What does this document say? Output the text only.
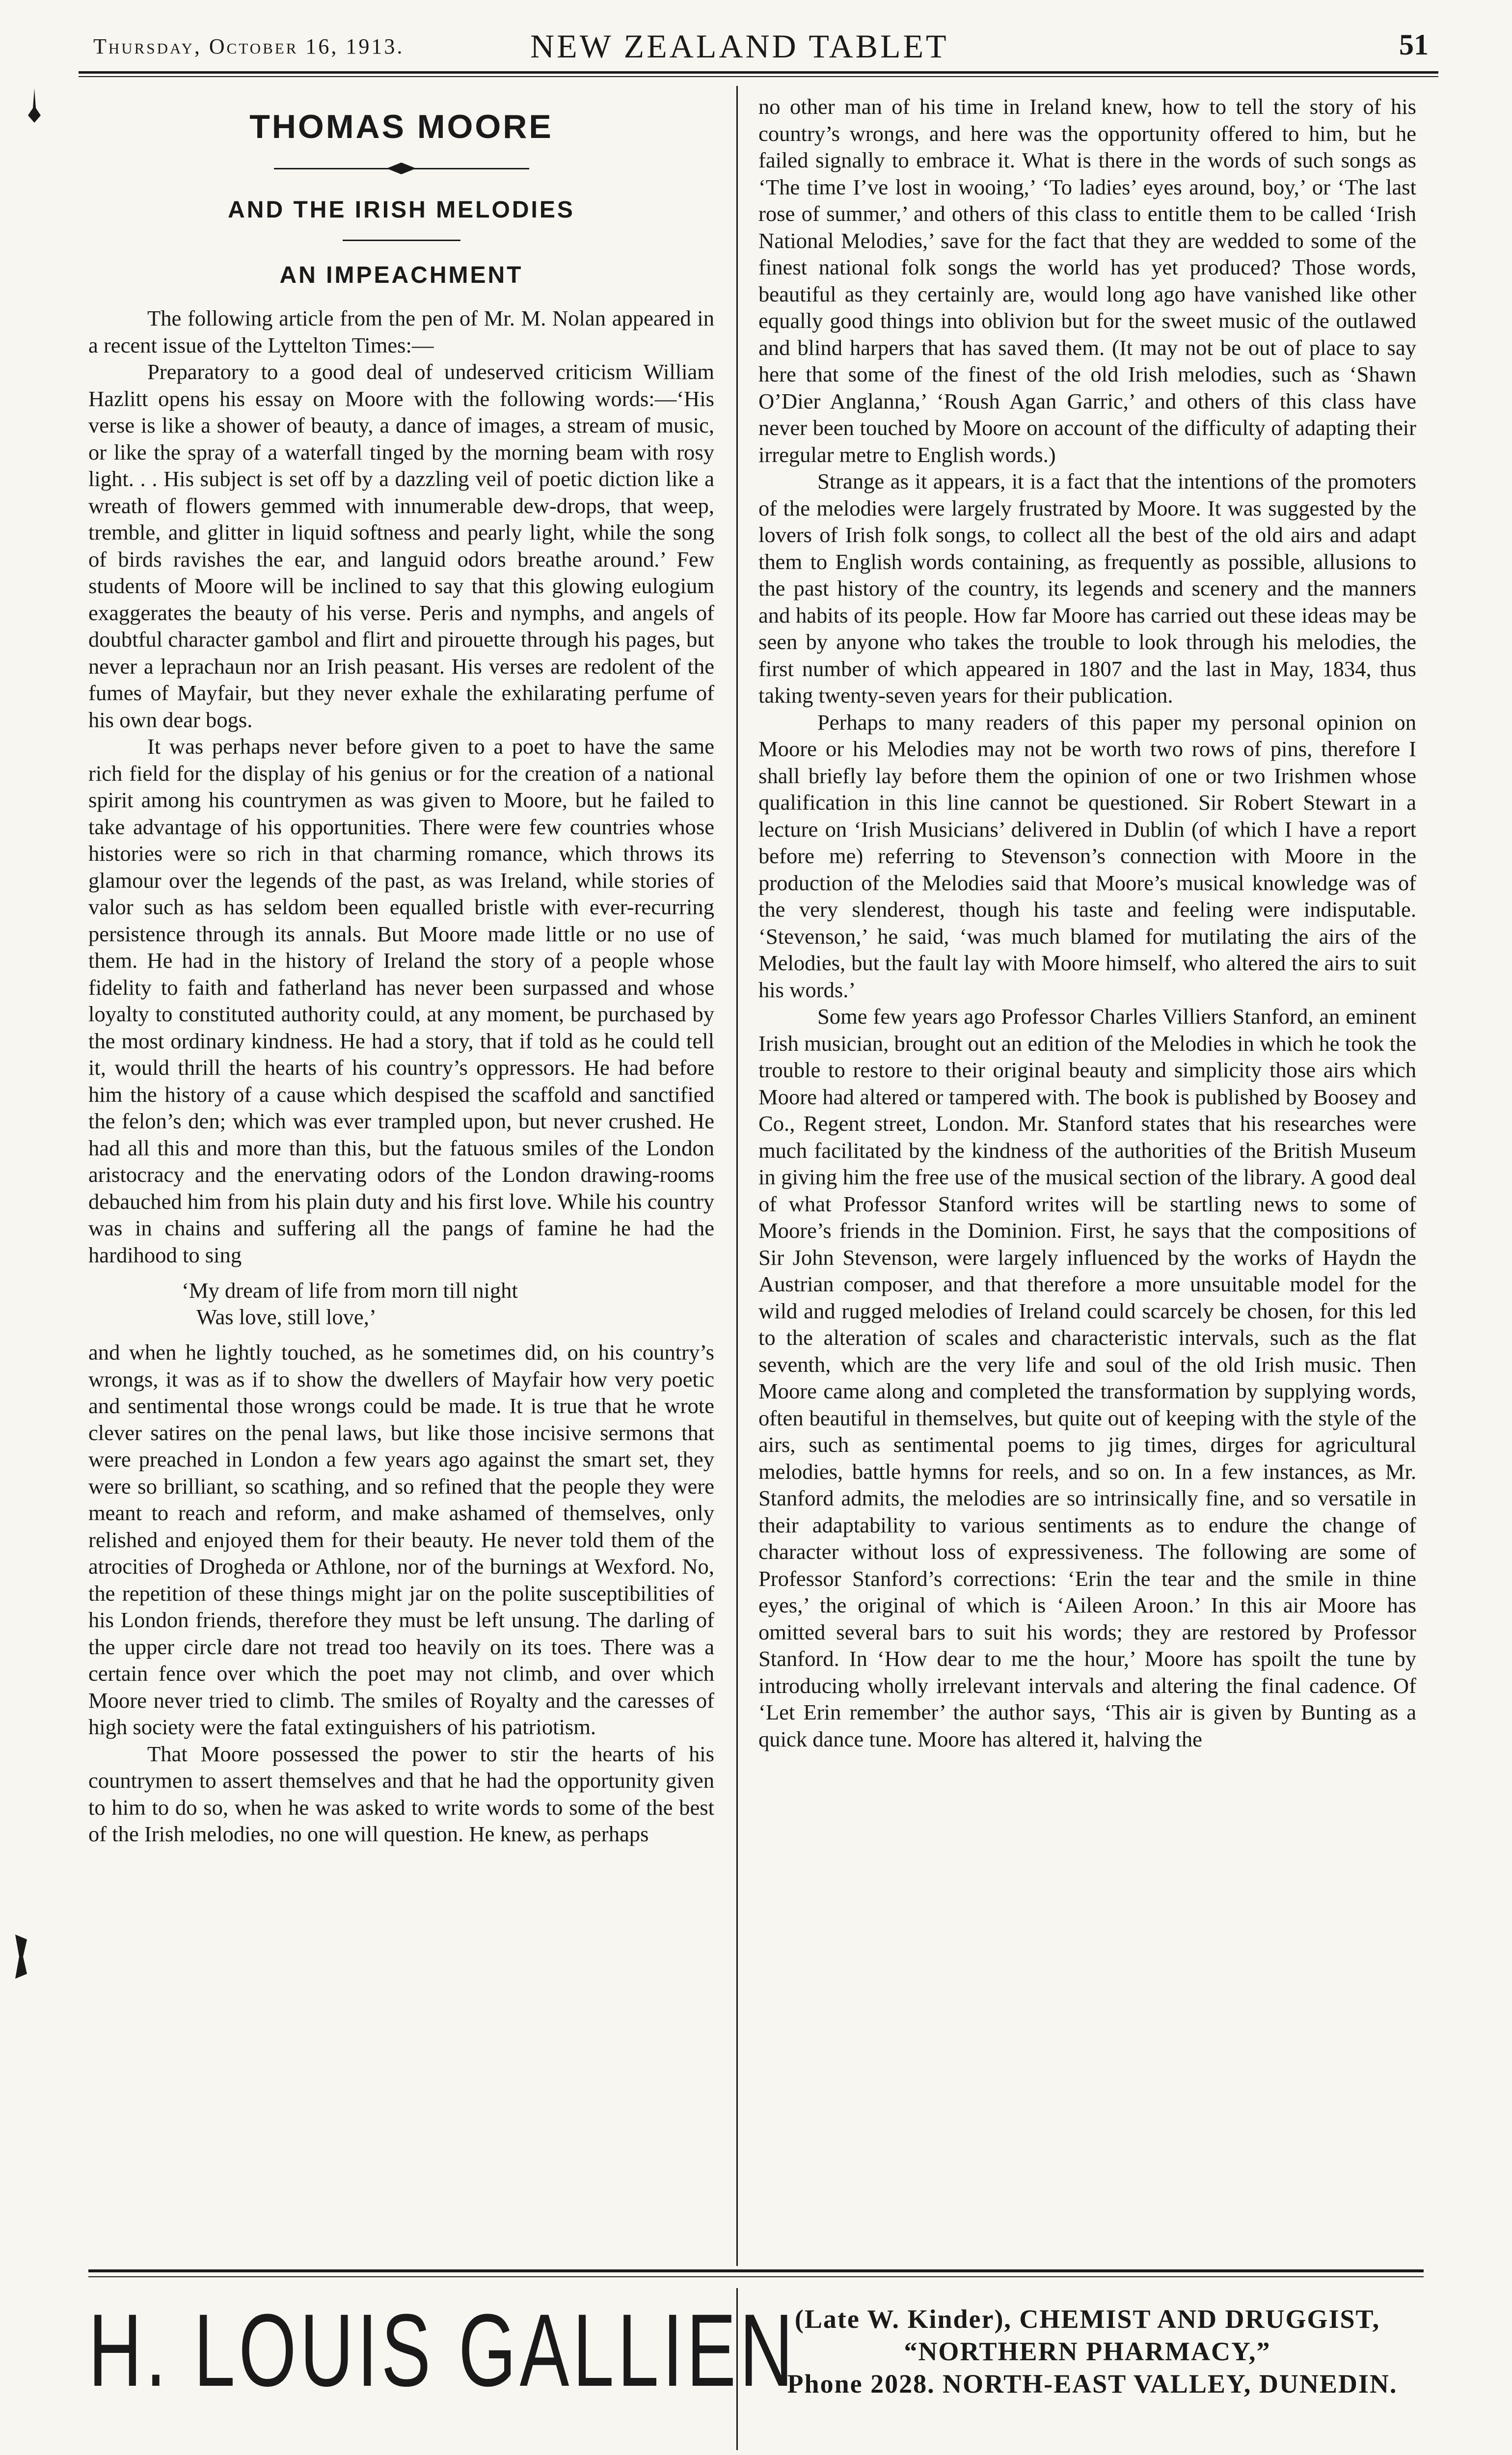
Thursday, October 16, 1913.	NEW ZEALAND TABLET	51
THOMAS MOORE
AND THE IRISH MELODIES
AN IMPEACHMENT

The following article from the pen of Mr. M. Nolan appeared in a recent issue of the Lyttelton Times:—

Preparatory to a good deal of undeserved criticism William Hazlitt opens his essay on Moore with the following words:—‘His verse is like a shower of beauty, a dance of images, a stream of music, or like the spray of a waterfall tinged by the morning beam with rosy light. . . His subject is set off by a dazzling veil of poetic diction like a wreath of flowers gemmed with innumerable dew-drops, that weep, tremble, and glitter in liquid softness and pearly light, while the song of birds ravishes the ear, and languid odors breathe around.’ Few students of Moore will be inclined to say that this glowing eulogium exaggerates the beauty of his verse. Peris and nymphs, and angels of doubtful character gambol and flirt and pirouette through his pages, but never a leprachaun nor an Irish peasant. His verses are redolent of the fumes of Mayfair, but they never exhale the exhilarating perfume of his own dear bogs.

It was perhaps never before given to a poet to have the same rich field for the display of his genius or for the creation of a national spirit among his countrymen as was given to Moore, but he failed to take advantage of his opportunities. There were few countries whose histories were so rich in that charming romance, which throws its glamour over the legends of the past, as was Ireland, while stories of valor such as has seldom been equalled bristle with ever-recurring persistence through its annals. But Moore made little or no use of them. He had in the history of Ireland the story of a people whose fidelity to faith and fatherland has never been surpassed and whose loyalty to constituted authority could, at any moment, be purchased by the most ordinary kindness. He had a story, that if told as he could tell it, would thrill the hearts of his country’s oppressors. He had before him the history of a cause which despised the scaffold and sanctified the felon’s den; which was ever trampled upon, but never crushed. He had all this and more than this, but the fatuous smiles of the London aristocracy and the enervating odors of the London drawing-rooms debauched him from his plain duty and his first love. While his country was in chains and suffering all the pangs of famine he had the hardihood to sing

‘My dream of life from morn till night
Was love, still love,’

and when he lightly touched, as he sometimes did, on his country’s wrongs, it was as if to show the dwellers of Mayfair how very poetic and sentimental those wrongs could be made. It is true that he wrote clever satires on the penal laws, but like those incisive sermons that were preached in London a few years ago against the smart set, they were so brilliant, so scathing, and so refined that the people they were meant to reach and reform, and make ashamed of themselves, only relished and enjoyed them for their beauty. He never told them of the atrocities of Drogheda or Athlone, nor of the burnings at Wexford. No, the repetition of these things might jar on the polite susceptibilities of his London friends, therefore they must be left unsung. The darling of the upper circle dare not tread too heavily on its toes. There was a certain fence over which the poet may not climb, and over which Moore never tried to climb. The smiles of Royalty and the caresses of high society were the fatal extinguishers of his patriotism.

That Moore possessed the power to stir the hearts of his countrymen to assert themselves and that he had the opportunity given to him to do so, when he was asked to write words to some of the best of the Irish melodies, no one will question. He knew, as perhaps

no other man of his time in Ireland knew, how to tell the story of his country’s wrongs, and here was the opportunity offered to him, but he failed signally to embrace it. What is there in the words of such songs as ‘The time I’ve lost in wooing,’ ‘To ladies’ eyes around, boy,’ or ‘The last rose of summer,’ and others of this class to entitle them to be called ‘Irish National Melodies,’ save for the fact that they are wedded to some of the finest national folk songs the world has yet produced? Those words, beautiful as they certainly are, would long ago have vanished like other equally good things into oblivion but for the sweet music of the outlawed and blind harpers that has saved them. (It may not be out of place to say here that some of the finest of the old Irish melodies, such as ‘Shawn O’Dier Anglanna,’ ‘Roush Agan Garric,’ and others of this class have never been touched by Moore on account of the difficulty of adapting their irregular metre to English words.)

Strange as it appears, it is a fact that the intentions of the promoters of the melodies were largely frustrated by Moore. It was suggested by the lovers of Irish folk songs, to collect all the best of the old airs and adapt them to English words containing, as frequently as possible, allusions to the past history of the country, its legends and scenery and the manners and habits of its people. How far Moore has carried out these ideas may be seen by anyone who takes the trouble to look through his melodies, the first number of which appeared in 1807 and the last in May, 1834, thus taking twenty-seven years for their publication.

Perhaps to many readers of this paper my personal opinion on Moore or his Melodies may not be worth two rows of pins, therefore I shall briefly lay before them the opinion of one or two Irishmen whose qualification in this line cannot be questioned. Sir Robert Stewart in a lecture on ‘Irish Musicians’ delivered in Dublin (of which I have a report before me) referring to Stevenson’s connection with Moore in the production of the Melodies said that Moore’s musical knowledge was of the very slenderest, though his taste and feeling were indisputable. ‘Stevenson,’ he said, ‘was much blamed for mutilating the airs of the Melodies, but the fault lay with Moore himself, who altered the airs to suit his words.’

Some few years ago Professor Charles Villiers Stanford, an eminent Irish musician, brought out an edition of the Melodies in which he took the trouble to restore to their original beauty and simplicity those airs which Moore had altered or tampered with. The book is published by Boosey and Co., Regent street, London. Mr. Stanford states that his researches were much facilitated by the kindness of the authorities of the British Museum in giving him the free use of the musical section of the library. A good deal of what Professor Stanford writes will be startling news to some of Moore’s friends in the Dominion. First, he says that the compositions of Sir John Stevenson, were largely influenced by the works of Haydn the Austrian composer, and that therefore a more unsuitable model for the wild and rugged melodies of Ireland could scarcely be chosen, for this led to the alteration of scales and characteristic intervals, such as the flat seventh, which are the very life and soul of the old Irish music. Then Moore came along and completed the transformation by supplying words, often beautiful in themselves, but quite out of keeping with the style of the airs, such as sentimental poems to jig times, dirges for agricultural melodies, battle hymns for reels, and so on. In a few instances, as Mr. Stanford admits, the melodies are so intrinsically fine, and so versatile in their adaptability to various sentiments as to endure the change of character without loss of expressiveness. The following are some of Professor Stanford’s corrections: ‘Erin the tear and the smile in thine eyes,’ the original of which is ‘Aileen Aroon.’ In this air Moore has omitted several bars to suit his words; they are restored by Professor Stanford. In ‘How dear to me the hour,’ Moore has spoilt the tune by introducing wholly irrelevant intervals and altering the final cadence. Of ‘Let Erin remember’ the author says, ‘This air is given by Bunting as a quick dance tune. Moore has altered it, halving the

H. LOUIS GALLIEN
(Late W. Kinder), CHEMIST AND DRUGGIST,
“NORTHERN PHARMACY,”
’Phone 2028. NORTH-EAST VALLEY, DUNEDIN.
